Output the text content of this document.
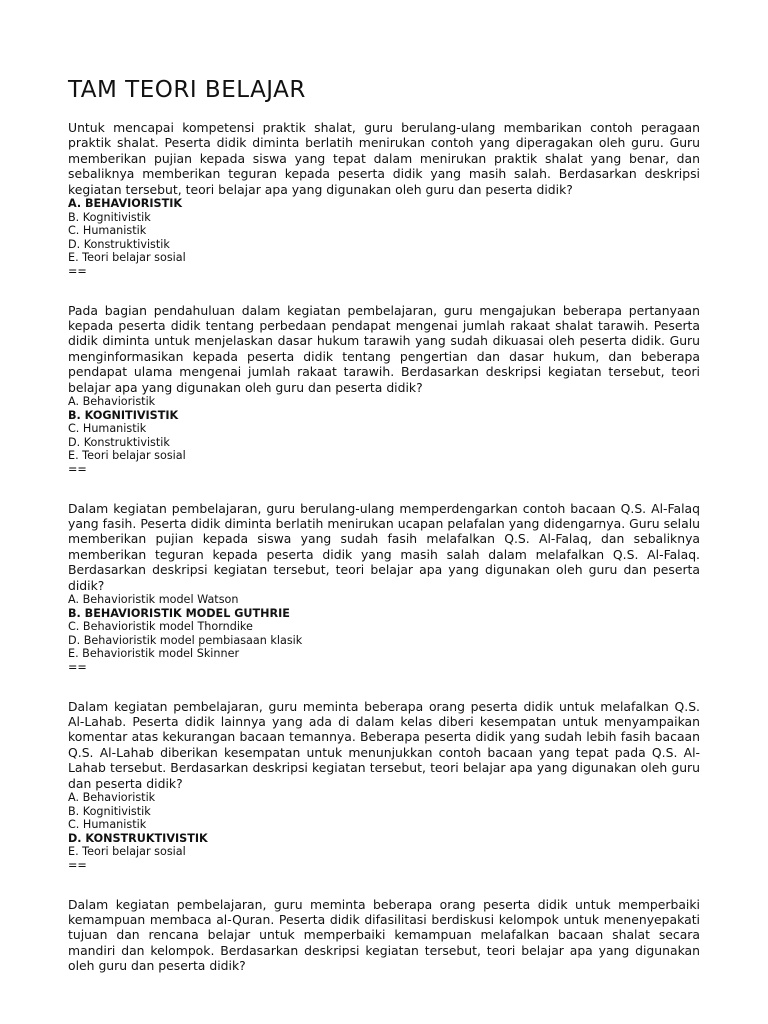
TAM TEORI BELAJAR

Untuk mencapai kompetensi praktik shalat, guru berulang-ulang membarikan contoh peragaan praktik shalat. Peserta didik diminta berlatih menirukan contoh yang diperagakan oleh guru. Guru memberikan pujian kepada siswa yang tepat dalam menirukan praktik shalat yang benar, dan sebaliknya memberikan teguran kepada peserta didik yang masih salah. Berdasarkan deskripsi kegiatan tersebut, teori belajar apa yang digunakan oleh guru dan peserta didik?

A. BEHAVIORISTIK

B. Kognitivistik

C. Humanistik

D. Konstruktivistik

E. Teori belajar sosial

==

Pada bagian pendahuluan dalam kegiatan pembelajaran, guru mengajukan beberapa pertanyaan kepada peserta didik tentang perbedaan pendapat mengenai jumlah rakaat shalat tarawih. Peserta didik diminta untuk menjelaskan dasar hukum tarawih yang sudah dikuasai oleh peserta didik. Guru menginformasikan kepada peserta didik tentang pengertian dan dasar hukum, dan beberapa pendapat ulama mengenai jumlah rakaat tarawih. Berdasarkan deskripsi kegiatan tersebut, teori belajar apa yang digunakan oleh guru dan peserta didik?

A. Behavioristik

B. KOGNITIVISTIK

C. Humanistik

D. Konstruktivistik

E. Teori belajar sosial

==

Dalam kegiatan pembelajaran, guru berulang-ulang memperdengarkan contoh bacaan Q.S. Al-Falaq yang fasih. Peserta didik diminta berlatih menirukan ucapan pelafalan yang didengarnya. Guru selalu memberikan pujian kepada siswa yang sudah fasih melafalkan Q.S. Al-Falaq, dan sebaliknya memberikan teguran kepada peserta didik yang masih salah dalam melafalkan Q.S. Al-Falaq. Berdasarkan deskripsi kegiatan tersebut, teori belajar apa yang digunakan oleh guru dan peserta didik?

A. Behavioristik model Watson

B. BEHAVIORISTIK MODEL GUTHRIE

C. Behavioristik model Thorndike

D. Behavioristik model pembiasaan klasik

E. Behavioristik model Skinner

==

Dalam kegiatan pembelajaran, guru meminta beberapa orang peserta didik untuk melafalkan Q.S. Al-Lahab. Peserta didik lainnya yang ada di dalam kelas diberi kesempatan untuk menyampaikan komentar atas kekurangan bacaan temannya. Beberapa peserta didik yang sudah lebih fasih bacaan Q.S. Al-Lahab diberikan kesempatan untuk menunjukkan contoh bacaan yang tepat pada Q.S. Al-Lahab tersebut. Berdasarkan deskripsi kegiatan tersebut, teori belajar apa yang digunakan oleh guru dan peserta didik?

A. Behavioristik

B. Kognitivistik

C. Humanistik

D. KONSTRUKTIVISTIK

E. Teori belajar sosial

==

Dalam kegiatan pembelajaran, guru meminta beberapa orang peserta didik untuk memperbaiki kemampuan membaca al-Quran. Peserta didik difasilitasi berdiskusi kelompok untuk menenyepakati tujuan dan rencana belajar untuk memperbaiki kemampuan melafalkan bacaan shalat secara mandiri dan kelompok. Berdasarkan deskripsi kegiatan tersebut, teori belajar apa yang digunakan oleh guru dan peserta didik?
